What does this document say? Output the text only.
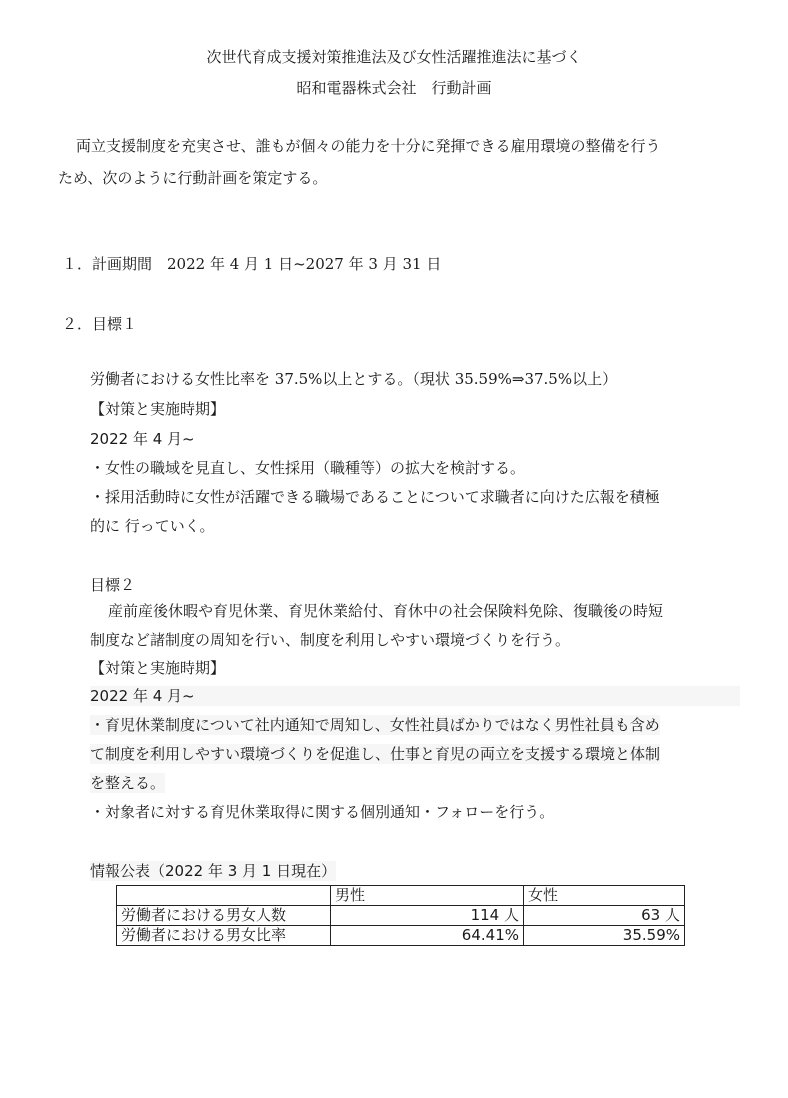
次世代育成支援対策推進法及び女性活躍推進法に基づく
昭和電器株式会社　行動計画
両立支援制度を充実させ、誰もが個々の能力を十分に発揮できる雇用環境の整備を行う
ため、次のように行動計画を策定する。
１．計画期間　2022 年 4 月 1 日~2027 年 3 月 31 日
２．目標１
労働者における女性比率を 37.5%以上とする。（現状 35.59%⇒37.5%以上）
【対策と実施時期】
2022 年 4 月~
・女性の職域を見直し、女性採用（職種等）の拡大を検討する。
・採用活動時に女性が活躍できる職場であることについて求職者に向けた広報を積極
的に 行っていく。
目標２
産前産後休暇や育児休業、育児休業給付、育休中の社会保険料免除、復職後の時短
制度など諸制度の周知を行い、制度を利用しやすい環境づくりを行う。
【対策と実施時期】
2022 年 4 月~
・育児休業制度について社内通知で周知し、女性社員ばかりではなく男性社員も含め
て制度を利用しやすい環境づくりを促進し、仕事と育児の両立を支援する環境と体制
を整える。
・対象者に対する育児休業取得に関する個別通知・フォローを行う。
情報公表（2022 年 3 月 1 日現在）
	男性	女性
労働者における男女人数	114 人	63 人
労働者における男女比率	64.41%	35.59%
